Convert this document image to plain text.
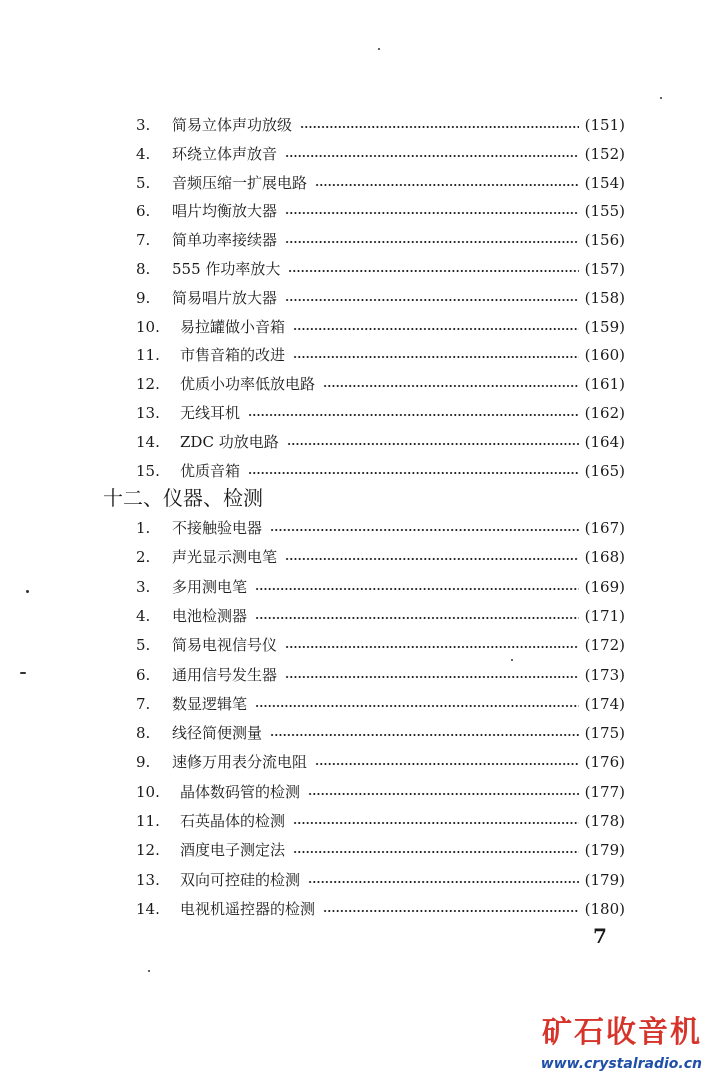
3. 简易立体声功放级	(151)
4. 环绕立体声放音	(152)
5. 音频压缩一扩展电路	(154)
6. 唱片均衡放大器	(155)
7. 简单功率接续器	(156)
8. 555 作功率放大	(157)
9. 简易唱片放大器	(158)
10. 易拉罐做小音箱	(159)
11. 市售音箱的改进	(160)
12. 优质小功率低放电路	(161)
13. 无线耳机	(162)
14. ZDC 功放电路	(164)
15. 优质音箱	(165)
十二、仪器、检测
1. 不接触验电器	(167)
2. 声光显示测电笔	(168)
3. 多用测电笔	(169)
4. 电池检测器	(171)
5. 简易电视信号仪	(172)
6. 通用信号发生器	(173)
7. 数显逻辑笔	(174)
8. 线径简便测量	(175)
9. 速修万用表分流电阻	(176)
10. 晶体数码管的检测	(177)
11. 石英晶体的检测	(178)
12. 酒度电子测定法	(179)
13. 双向可控硅的检测	(179)
14. 电视机遥控器的检测	(180)
7
矿石收音机
www.crystalradio.cn
